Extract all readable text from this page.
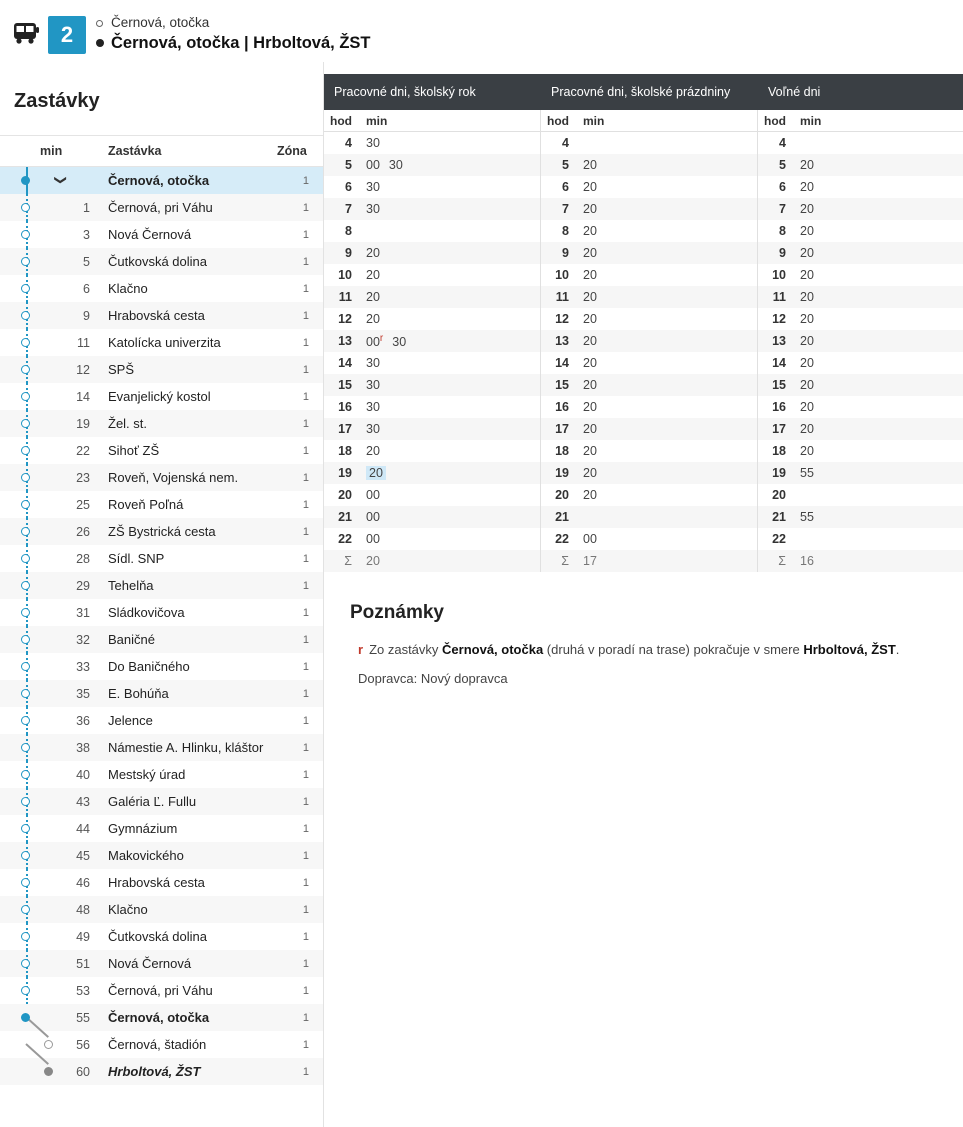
2	Černová, otočka
Černová, otočka | Hrboltová, ŽST
Zastávky
	min	Zastávka	Zóna

❯		Černová, otočka	1

	1	Černová, pri Váhu	1

	3	Nová Černová	1

	5	Čutkovská dolina	1

	6	Klačno	1

	9	Hrabovská cesta	1

	11	Katolícka univerzita	1

	12	SPŠ	1

	14	Evanjelický kostol	1

	19	Žel. st.	1

	22	Sihoť ZŠ	1

	23	Roveň, Vojenská nem.	1

	25	Roveň Poľná	1

	26	ZŠ Bystrická cesta	1

	28	Sídl. SNP	1

	29	Tehelňa	1

	31	Sládkovičova	1

	32	Baničné	1

	33	Do Baničného	1

	35	E. Bohúňa	1

	36	Jelence	1

	38	Námestie A. Hlinku, kláštor	1

	40	Mestský úrad	1

	43	Galéria Ľ. Fullu	1

	44	Gymnázium	1

	45	Makovického	1

	46	Hrabovská cesta	1

	48	Klačno	1

	49	Čutkovská dolina	1

	51	Nová Černová	1

	53	Černová, pri Váhu	1

	55	Černová, otočka	1

	56	Černová, štadión	1

	60	Hrboltová, ŽST	1
Pracovné dni, školský rok	Pracovné dni, školské prázdniny	Voľné dni
hod	min
4	30
5	00 30
6	30
7	30
8
9	20
10	20
11	20
12	20
13	00$^r$ 30
14	30
15	30
16	30
17	30
18	20
19	20
20	00
21	00
22	00
Σ	20
hod	min
4
5	20
6	20
7	20
8	20
9	20
10	20
11	20
12	20
13	20
14	20
15	20
16	20
17	20
18	20
19	20
20	20
21
22	00
Σ	17
hod	min
4
5	20
6	20
7	20
8	20
9	20
10	20
11	20
12	20
13	20
14	20
15	20
16	20
17	20
18	20
19	55
20
21	55
22
Σ	16
Poznámky
r Zo zastávky Černová, otočka (druhá v poradí na trase) pokračuje v smere Hrboltová, ŽST.
Dopravca: Nový dopravca
